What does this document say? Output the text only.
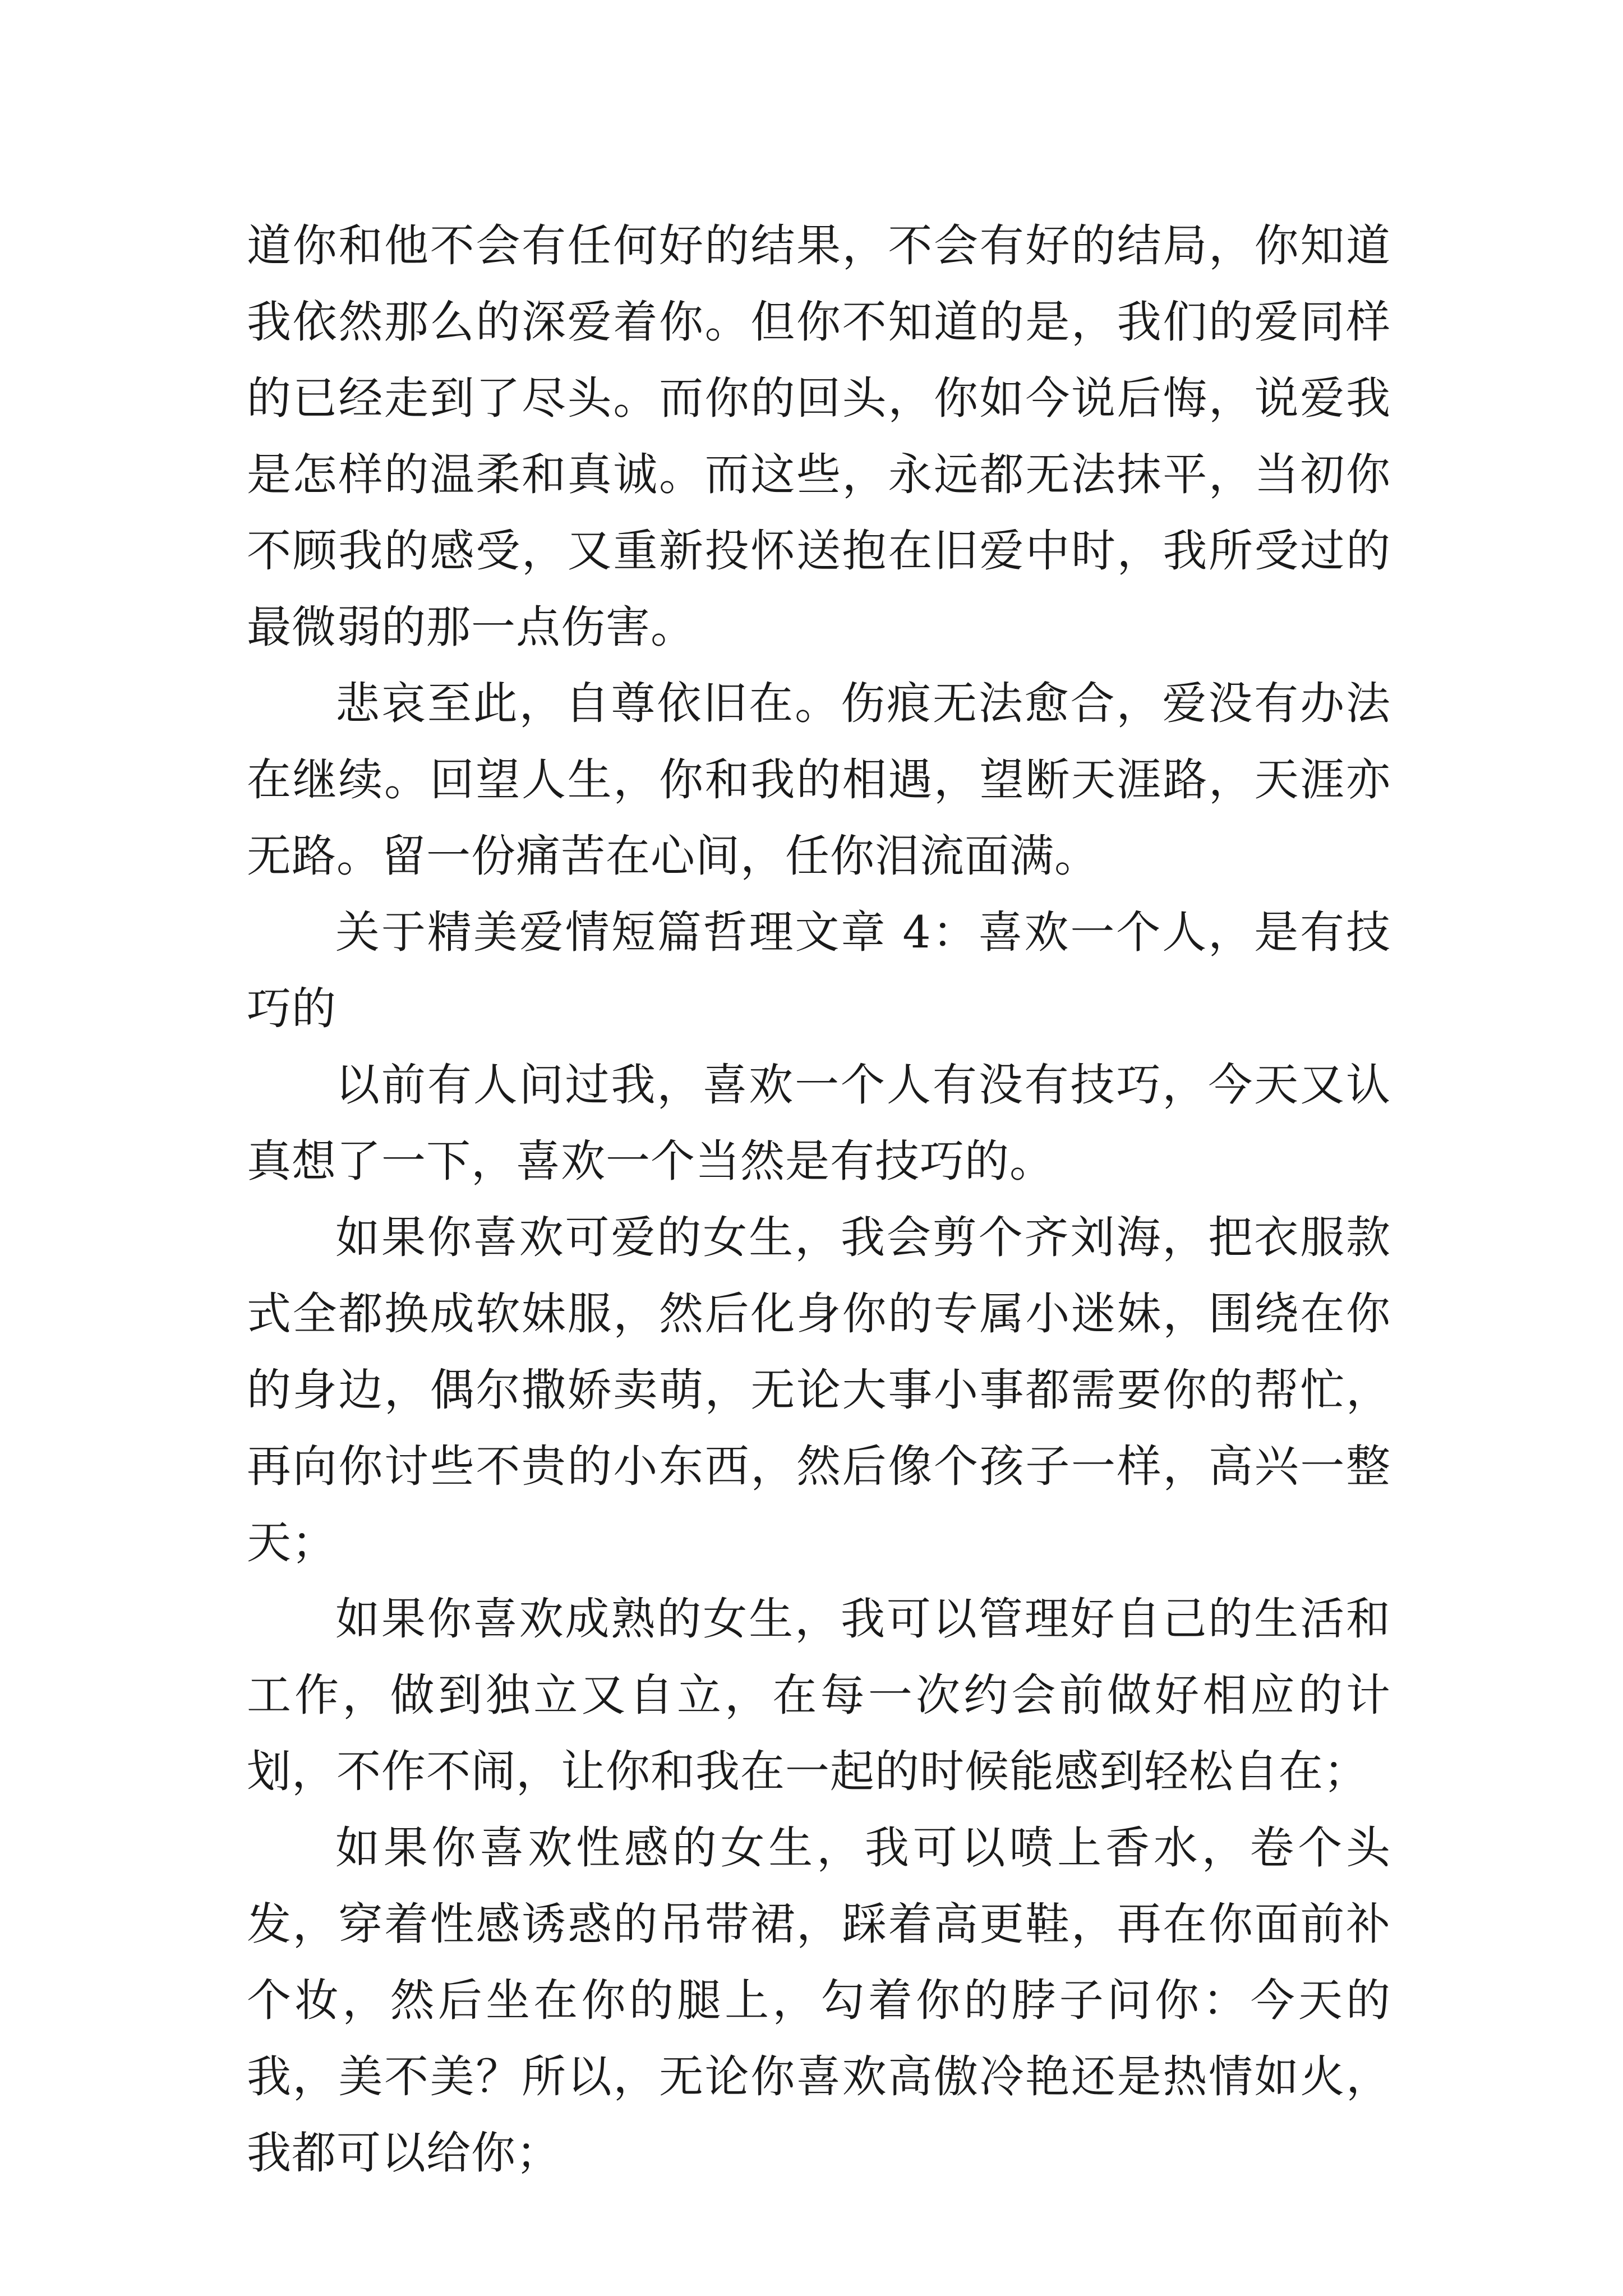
道你和他不会有任何好的结果，不会有好的结局，你知道我依然那么的深爱着你。但你不知道的是，我们的爱同样的已经走到了尽头。而你的回头，你如今说后悔，说爱我是怎样的温柔和真诚。而这些，永远都无法抹平，当初你不顾我的感受，又重新投怀送抱在旧爱中时，我所受过的最微弱的那一点伤害。

悲哀至此，自尊依旧在。伤痕无法愈合，爱没有办法在继续。回望人生，你和我的相遇，望断天涯路，天涯亦无路。留一份痛苦在心间，任你泪流面满。

关于精美爱情短篇哲理文章 4：喜欢一个人，是有技巧的

以前有人问过我，喜欢一个人有没有技巧，今天又认真想了一下，喜欢一个当然是有技巧的。

如果你喜欢可爱的女生，我会剪个齐刘海，把衣服款式全都换成软妹服，然后化身你的专属小迷妹，围绕在你的身边，偶尔撒娇卖萌，无论大事小事都需要你的帮忙，再向你讨些不贵的小东西，然后像个孩子一样，高兴一整天；

如果你喜欢成熟的女生，我可以管理好自己的生活和工作，做到独立又自立，在每一次约会前做好相应的计划，不作不闹，让你和我在一起的时候能感到轻松自在；

如果你喜欢性感的女生，我可以喷上香水，卷个头发，穿着性感诱惑的吊带裙，踩着高更鞋，再在你面前补个妆，然后坐在你的腿上，勾着你的脖子问你：今天的我，美不美？所以，无论你喜欢高傲冷艳还是热情如火，我都可以给你；
